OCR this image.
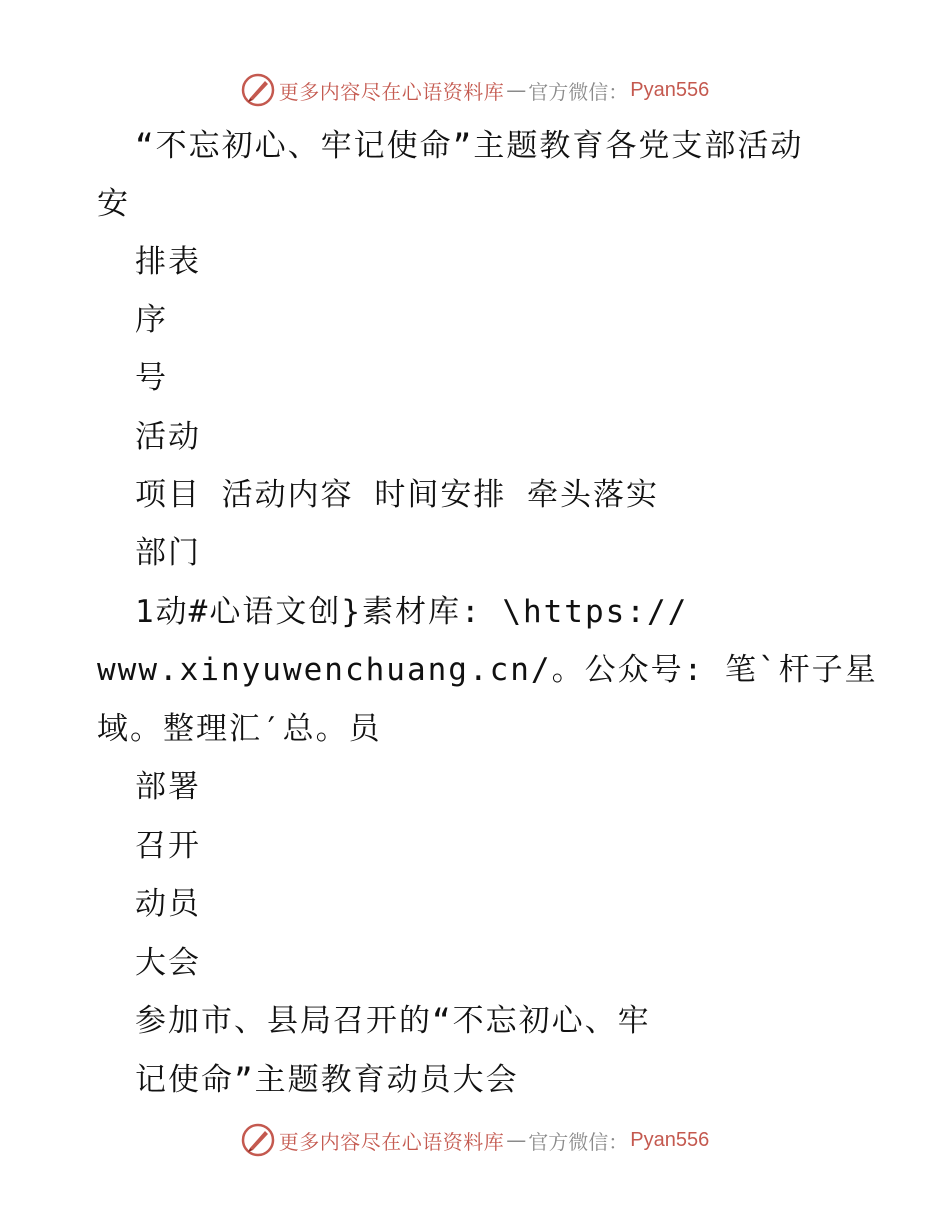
更多内容尽在心语资料库 — 官方微信： Pyan556

“不忘初心、牢记使命”主题教育各党支部活动

安

排表

序

号

活动

项目 活动内容 时间安排 牵头落实

部门

1动#心语文创}素材库: \https://

www.xinyuwenchuang.cn/。公众号: 笔`杆子星

域。整理汇′总。员

部署

召开

动员

大会

参加市、县局召开的“不忘初心、牢

记使命”主题教育动员大会

更多内容尽在心语资料库 — 官方微信： Pyan556
